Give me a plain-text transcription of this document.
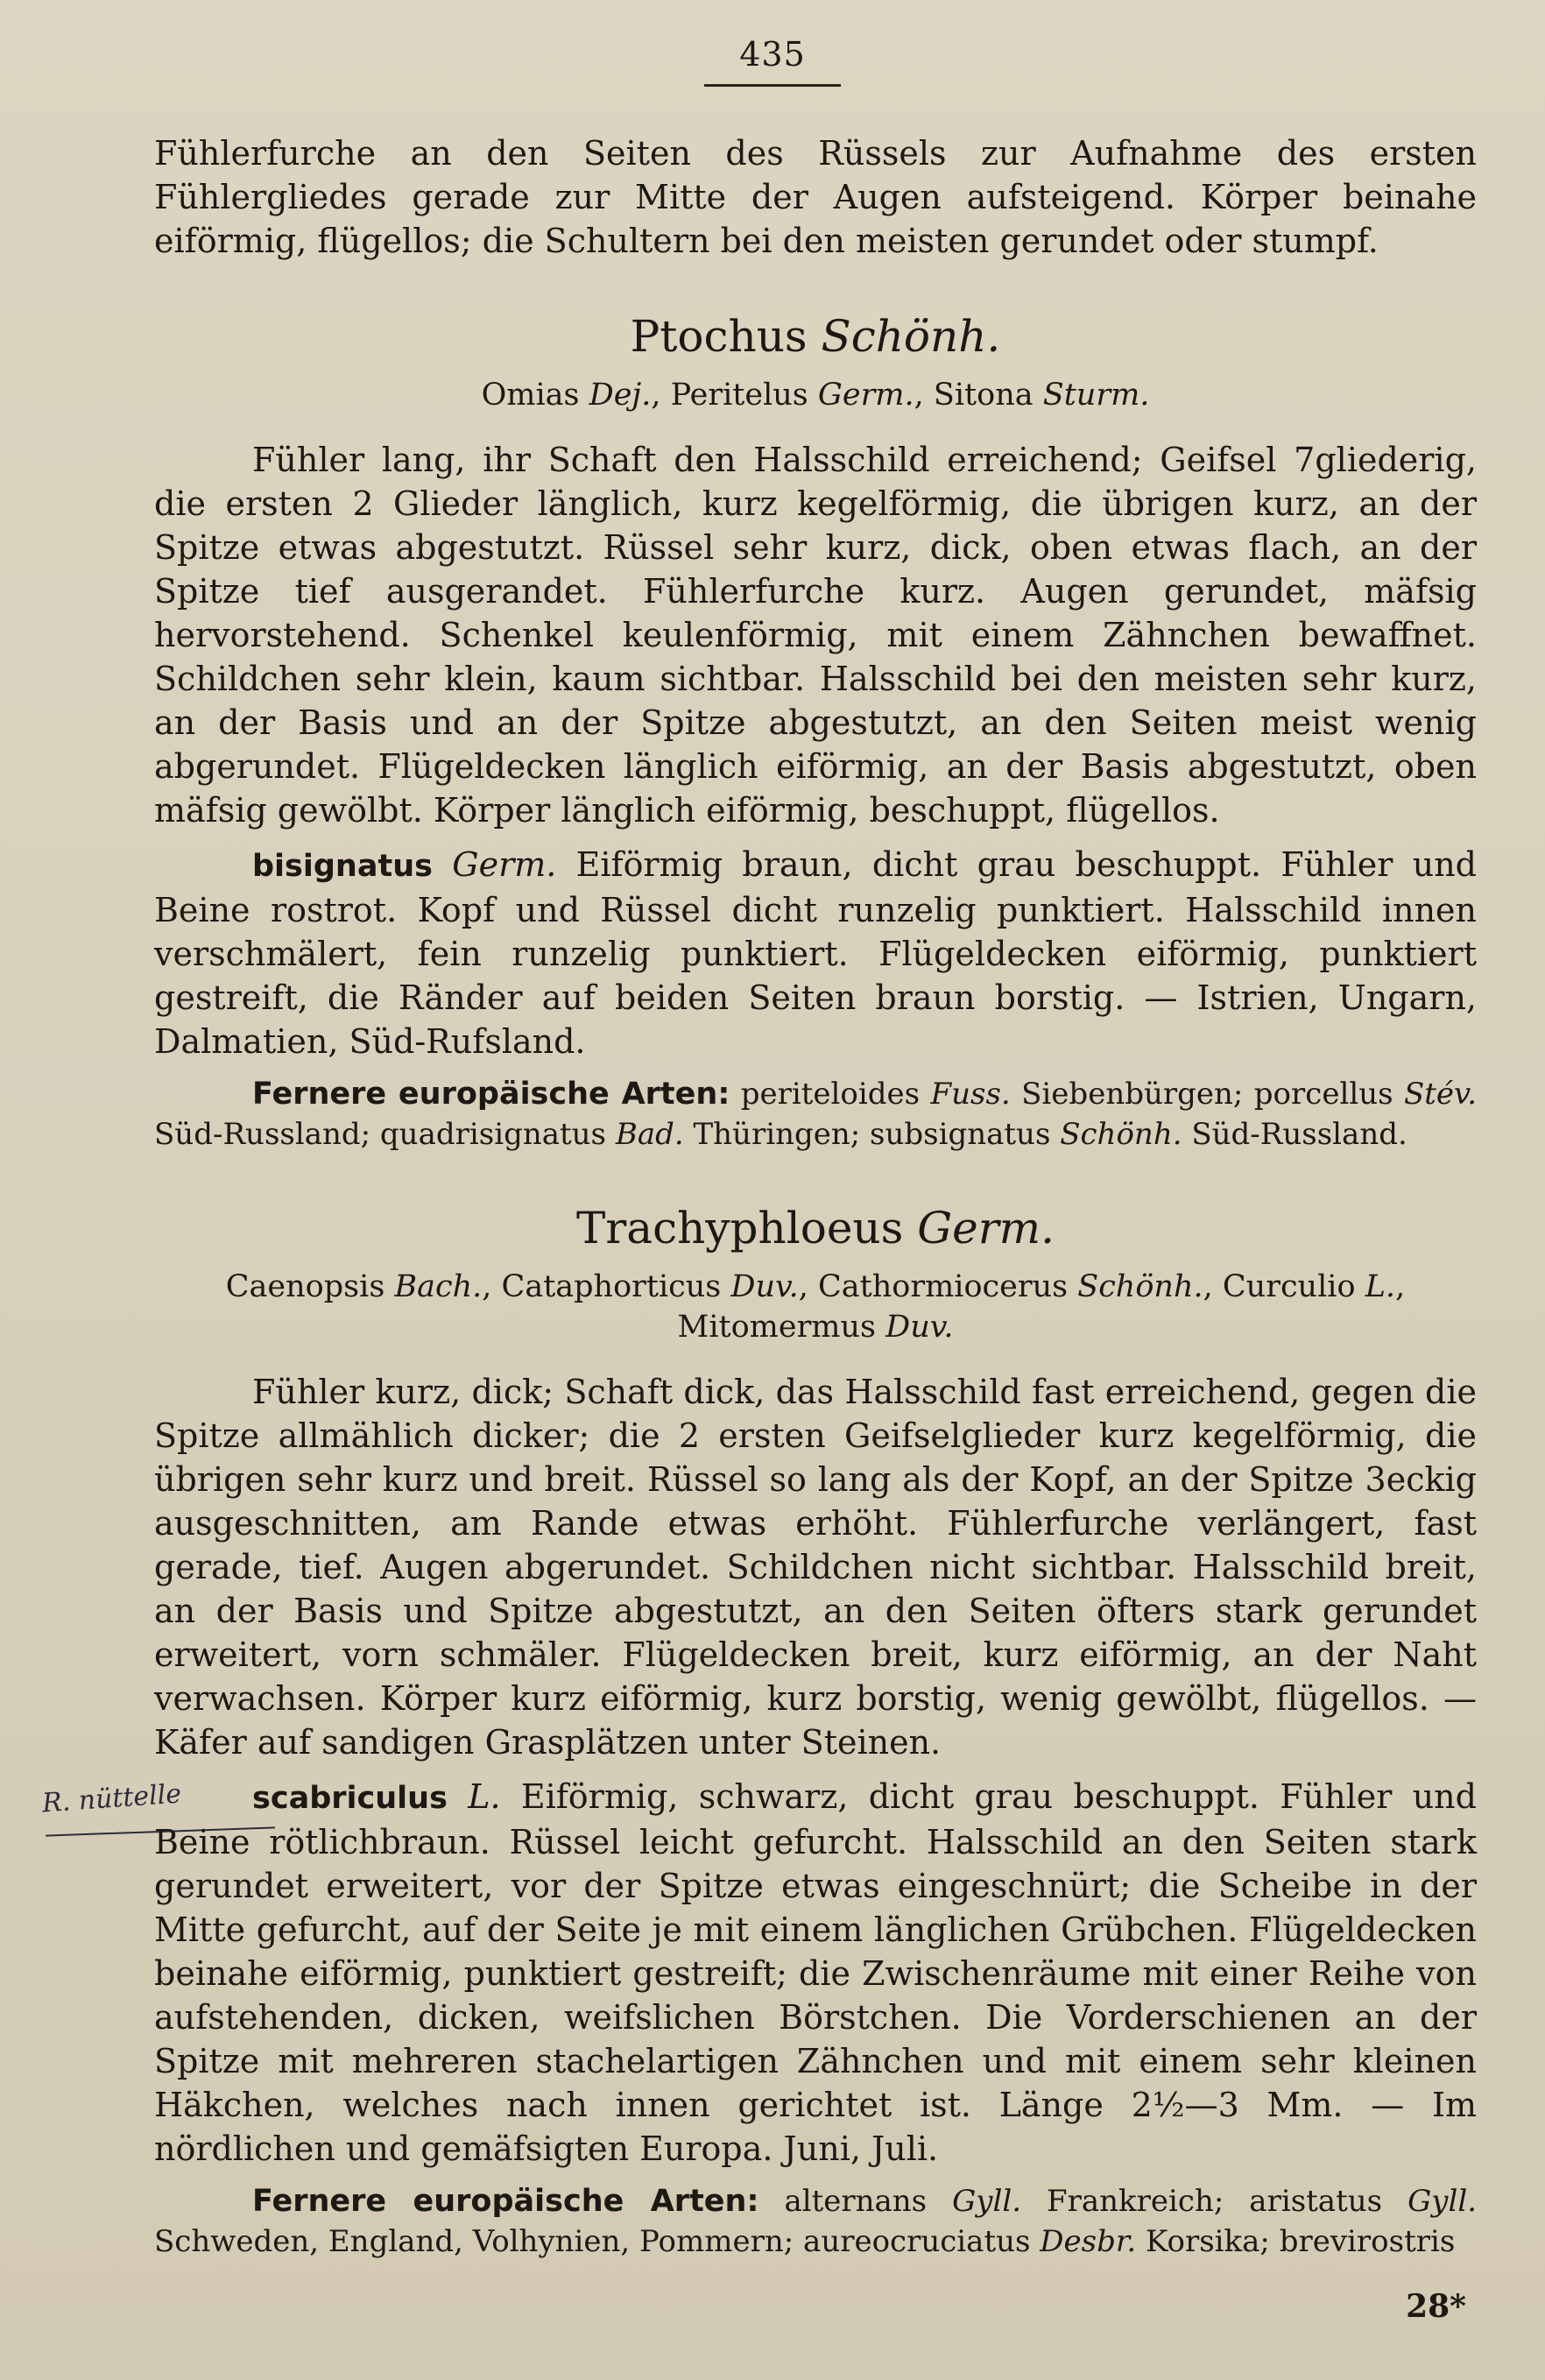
435
R. nüttelle

Fühlerfurche an den Seiten des Rüssels zur Aufnahme des ersten Fühlergliedes gerade zur Mitte der Augen aufsteigend. Körper beinahe eiförmig, flügellos; die Schultern bei den meisten gerundet oder stumpf.

Ptochus Schönh.

Omias Dej., Peritelus Germ., Sitona Sturm.

Fühler lang, ihr Schaft den Halsschild erreichend; Geifsel 7gliederig, die ersten 2 Glieder länglich, kurz kegelförmig, die übrigen kurz, an der Spitze etwas abgestutzt. Rüssel sehr kurz, dick, oben etwas flach, an der Spitze tief ausgerandet. Fühlerfurche kurz. Augen gerundet, mäfsig hervorstehend. Schenkel keulenförmig, mit einem Zähnchen bewaffnet. Schildchen sehr klein, kaum sichtbar. Halsschild bei den meisten sehr kurz, an der Basis und an der Spitze abgestutzt, an den Seiten meist wenig abgerundet. Flügeldecken länglich eiförmig, an der Basis abgestutzt, oben mäfsig gewölbt. Körper länglich eiförmig, beschuppt, flügellos.

bisignatus Germ. Eiförmig braun, dicht grau beschuppt. Fühler und Beine rostrot. Kopf und Rüssel dicht runzelig punktiert. Halsschild innen verschmälert, fein runzelig punktiert. Flügeldecken eiförmig, punktiert gestreift, die Ränder auf beiden Seiten braun borstig. — Istrien, Ungarn, Dalmatien, Süd-Rufsland.

Fernere europäische Arten: periteloides Fuss. Siebenbürgen; porcellus Stév. Süd-Russland; quadrisignatus Bad. Thüringen; subsignatus Schönh. Süd-Russland.

Trachyphloeus Germ.

Caenopsis Bach., Cataphorticus Duv., Cathormiocerus Schönh., Curculio L.,
Mitomermus Duv.

Fühler kurz, dick; Schaft dick, das Halsschild fast erreichend, gegen die Spitze allmählich dicker; die 2 ersten Geifselglieder kurz kegelförmig, die übrigen sehr kurz und breit. Rüssel so lang als der Kopf, an der Spitze 3eckig ausgeschnitten, am Rande etwas erhöht. Fühlerfurche verlängert, fast gerade, tief. Augen abgerundet. Schildchen nicht sichtbar. Halsschild breit, an der Basis und Spitze abgestutzt, an den Seiten öfters stark gerundet erweitert, vorn schmäler. Flügeldecken breit, kurz eiförmig, an der Naht verwachsen. Körper kurz eiförmig, kurz borstig, wenig gewölbt, flügellos. — Käfer auf sandigen Grasplätzen unter Steinen.

scabriculus L. Eiförmig, schwarz, dicht grau beschuppt. Fühler und Beine rötlichbraun. Rüssel leicht gefurcht. Halsschild an den Seiten stark gerundet erweitert, vor der Spitze etwas eingeschnürt; die Scheibe in der Mitte gefurcht, auf der Seite je mit einem länglichen Grübchen. Flügeldecken beinahe eiförmig, punktiert gestreift; die Zwischenräume mit einer Reihe von aufstehenden, dicken, weifslichen Börstchen. Die Vorderschienen an der Spitze mit mehreren stachelartigen Zähnchen und mit einem sehr kleinen Häkchen, welches nach innen gerichtet ist. Länge 2½—3 Mm. — Im nördlichen und gemäfsigten Europa. Juni, Juli.

Fernere europäische Arten: alternans Gyll. Frankreich; aristatus Gyll. Schweden, England, Volhynien, Pommern; aureocruciatus Desbr. Korsika; brevirostris

28*
